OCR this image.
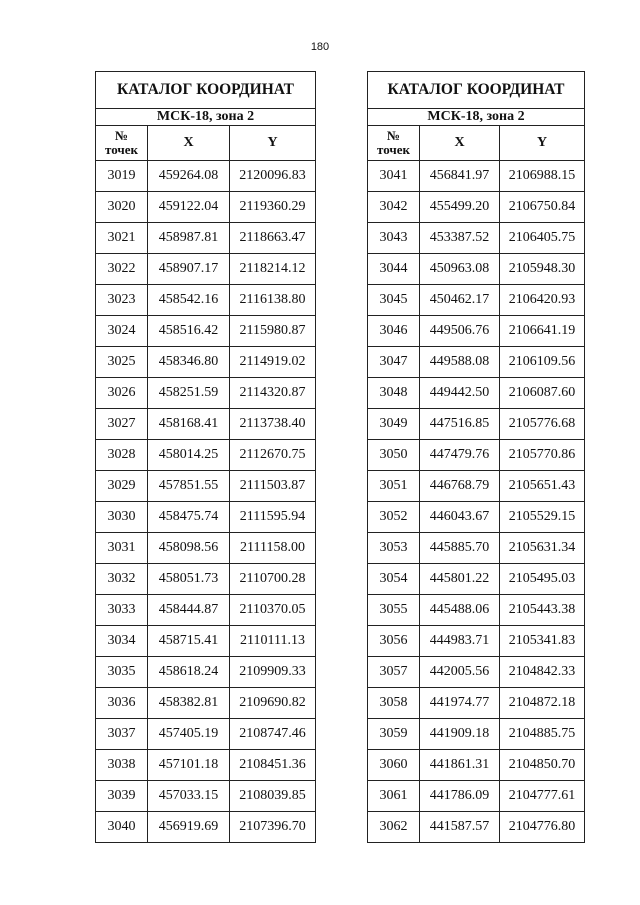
180
КАТАЛОГ КООРДИНАТ		
МСК-18, зона 2		
№
точек	X	Y
3019	459264.08	2120096.83
3020	459122.04	2119360.29
3021	458987.81	2118663.47
3022	458907.17	2118214.12
3023	458542.16	2116138.80
3024	458516.42	2115980.87
3025	458346.80	2114919.02
3026	458251.59	2114320.87
3027	458168.41	2113738.40
3028	458014.25	2112670.75
3029	457851.55	2111503.87
3030	458475.74	2111595.94
3031	458098.56	2111158.00
3032	458051.73	2110700.28
3033	458444.87	2110370.05
3034	458715.41	2110111.13
3035	458618.24	2109909.33
3036	458382.81	2109690.82
3037	457405.19	2108747.46
3038	457101.18	2108451.36
3039	457033.15	2108039.85
3040	456919.69	2107396.70
КАТАЛОГ КООРДИНАТ		
МСК-18, зона 2		
№
точек	X	Y
3041	456841.97	2106988.15
3042	455499.20	2106750.84
3043	453387.52	2106405.75
3044	450963.08	2105948.30
3045	450462.17	2106420.93
3046	449506.76	2106641.19
3047	449588.08	2106109.56
3048	449442.50	2106087.60
3049	447516.85	2105776.68
3050	447479.76	2105770.86
3051	446768.79	2105651.43
3052	446043.67	2105529.15
3053	445885.70	2105631.34
3054	445801.22	2105495.03
3055	445488.06	2105443.38
3056	444983.71	2105341.83
3057	442005.56	2104842.33
3058	441974.77	2104872.18
3059	441909.18	2104885.75
3060	441861.31	2104850.70
3061	441786.09	2104777.61
3062	441587.57	2104776.80
